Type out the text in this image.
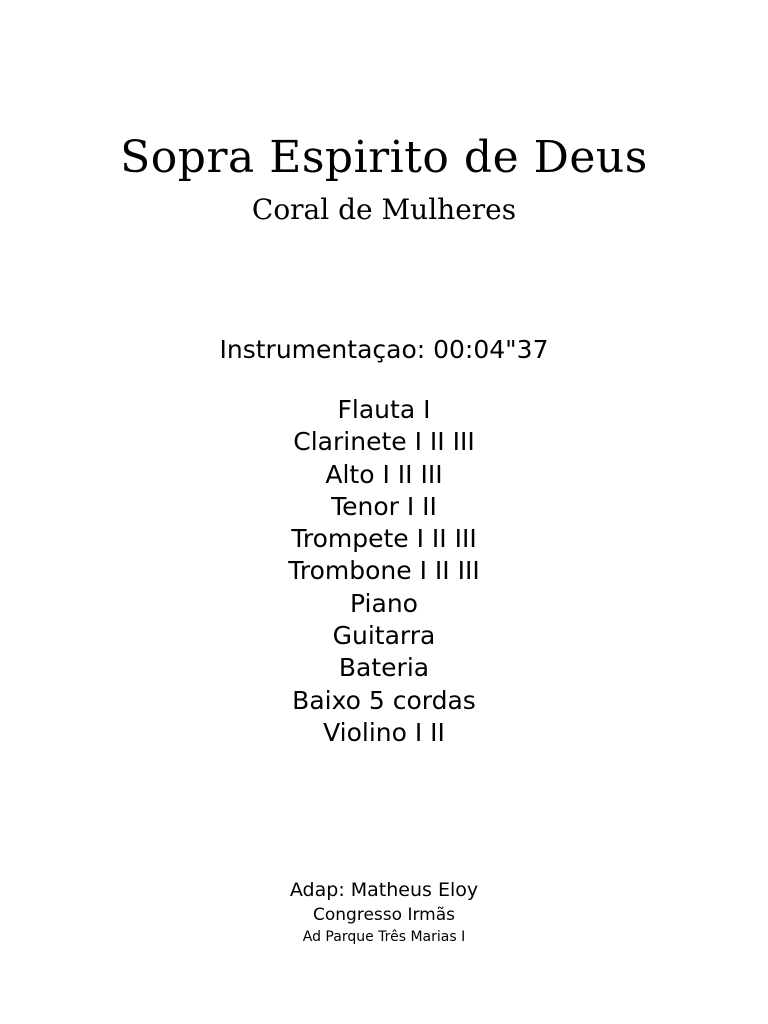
Sopra Espirito de Deus
Coral de Mulheres
Instrumentaçao: 00:04"37
Flauta I
Clarinete I II III
Alto I II III
Tenor I II
Trompete I II III
Trombone I II III
Piano
Guitarra
Bateria
Baixo 5 cordas
Violino I II
Adap: Matheus Eloy
Congresso Irmãs
Ad Parque Três Marias I
